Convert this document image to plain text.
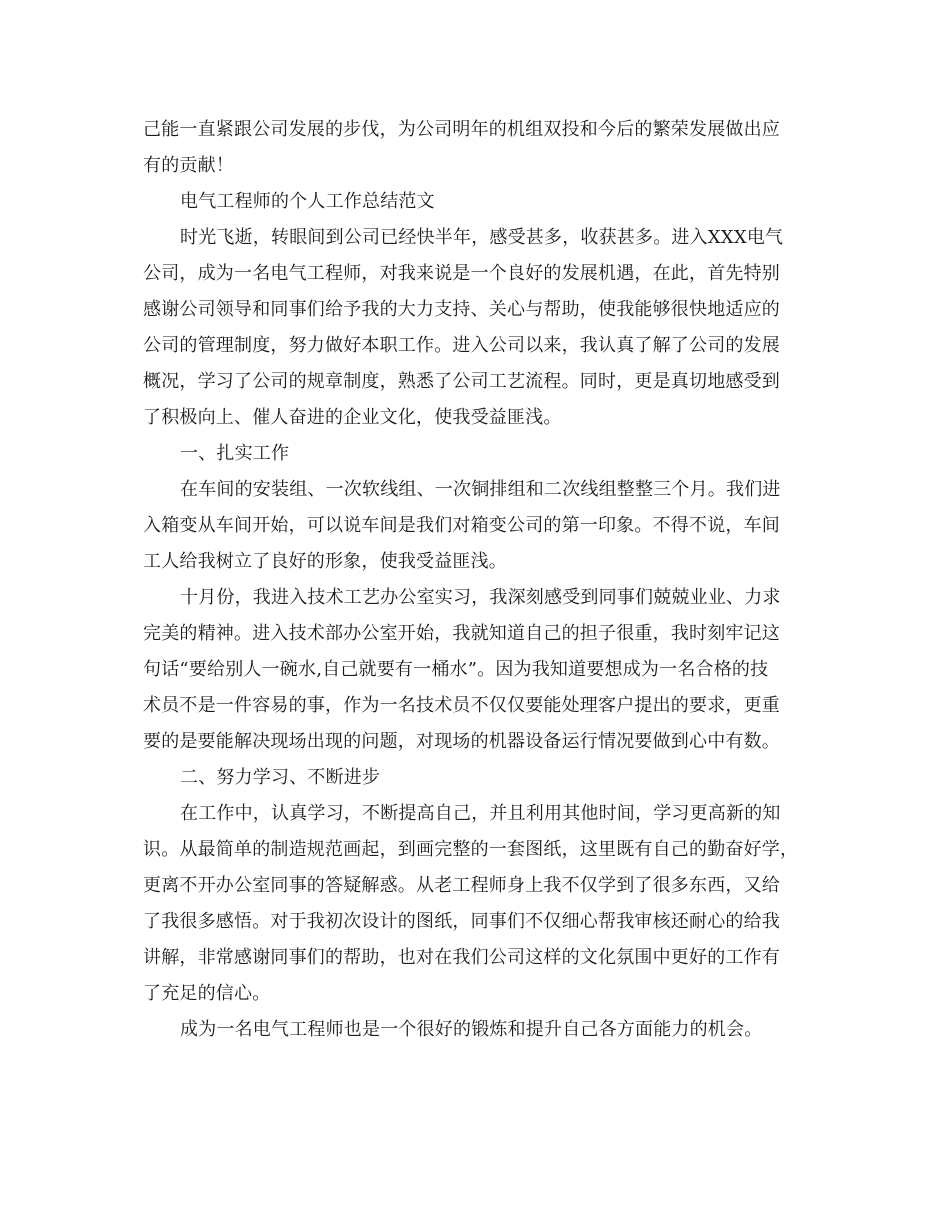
己能一直紧跟公司发展的步伐，为公司明年的机组双投和今后的繁荣发展做出应
有的贡献！
电气工程师的个人工作总结范文
时光飞逝，转眼间到公司已经快半年，感受甚多，收获甚多。进入XXX电气
公司，成为一名电气工程师，对我来说是一个良好的发展机遇，在此，首先特别
感谢公司领导和同事们给予我的大力支持、关心与帮助，使我能够很快地适应的
公司的管理制度，努力做好本职工作。进入公司以来，我认真了解了公司的发展
概况，学习了公司的规章制度，熟悉了公司工艺流程。同时，更是真切地感受到
了积极向上、催人奋进的企业文化，使我受益匪浅。
一、扎实工作
在车间的安装组、一次软线组、一次铜排组和二次线组整整三个月。我们进
入箱变从车间开始，可以说车间是我们对箱变公司的第一印象。不得不说，车间
工人给我树立了良好的形象，使我受益匪浅。
十月份，我进入技术工艺办公室实习，我深刻感受到同事们兢兢业业、力求
完美的精神。进入技术部办公室开始，我就知道自己的担子很重，我时刻牢记这
句话“要给别人一碗水,自己就要有一桶水”。因为我知道要想成为一名合格的技
术员不是一件容易的事，作为一名技术员不仅仅要能处理客户提出的要求，更重
要的是要能解决现场出现的问题，对现场的机器设备运行情况要做到心中有数。
二、努力学习、不断进步
在工作中，认真学习，不断提高自己，并且利用其他时间，学习更高新的知
识。从最简单的制造规范画起，到画完整的一套图纸，这里既有自己的勤奋好学，
更离不开办公室同事的答疑解惑。从老工程师身上我不仅学到了很多东西，又给
了我很多感悟。对于我初次设计的图纸，同事们不仅细心帮我审核还耐心的给我
讲解，非常感谢同事们的帮助，也对在我们公司这样的文化氛围中更好的工作有
了充足的信心。
成为一名电气工程师也是一个很好的锻炼和提升自己各方面能力的机会。
